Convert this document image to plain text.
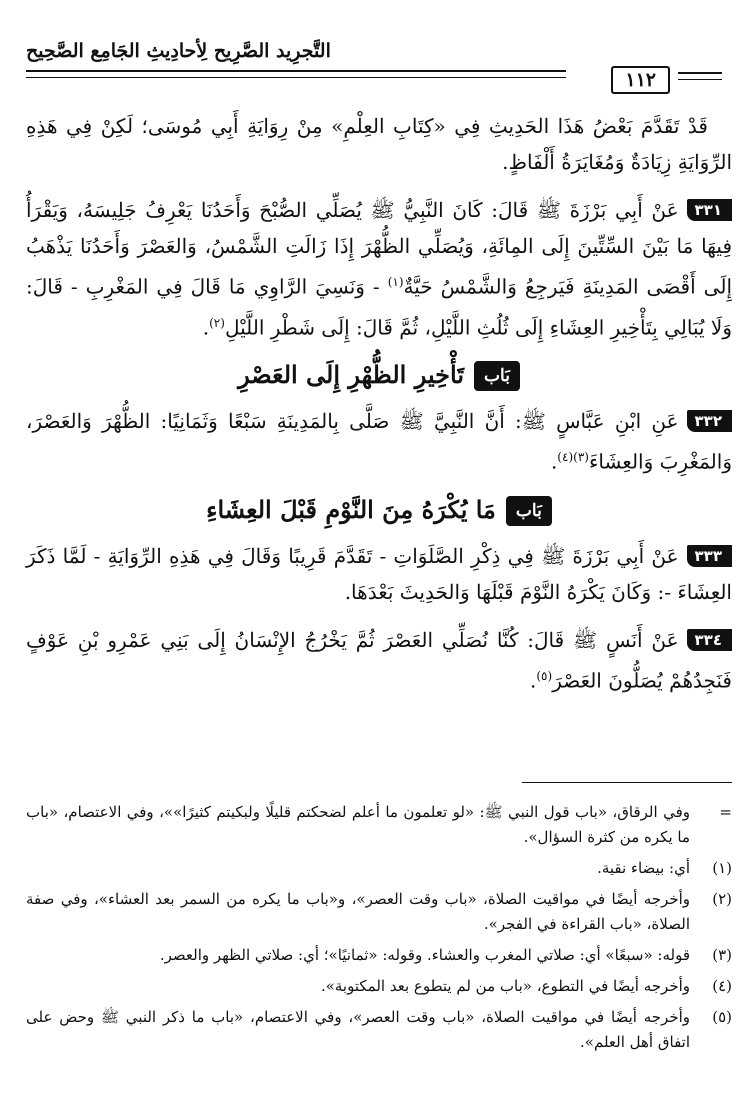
التَّجرِيد الصَّرِيح لِأحادِيثِ الجَامِع الصَّحِيح
١١٢

قَدْ تَقَدَّمَ بَعْضُ هَذَا الحَدِيثِ فِي «كِتَابِ العِلْمِ» مِنْ رِوَايَةِ أَبِي مُوسَى؛ لَكِنْ فِي هَذِهِ الرِّوَايَةِ زِيَادَةٌ وَمُغَايَرَةُ أَلْفَاظٍ.

٣٣١عَنْ أَبِي بَرْزَةَ ﷺ قَالَ: كَانَ النَّبِيُّ ﷺ يُصَلِّي الصُّبْحَ وَأَحَدُنَا يَعْرِفُ جَلِيسَهُ، وَيَقْرَأُ فِيهَا مَا بَيْنَ السِّتِّينَ إِلَى المِائَةِ، وَيُصَلِّي الظُّهْرَ إِذَا زَالَتِ الشَّمْسُ، وَالعَصْرَ وَأَحَدُنَا يَذْهَبُ إِلَى أَقْصَى المَدِينَةِ فَيَرجِعُ وَالشَّمْسُ حَيَّةٌ$^{(١)}$ - وَنَسِيَ الرَّاوِي مَا قَالَ فِي المَغْرِبِ - قَالَ: وَلَا يُبَالِي بِتَأْخِيرِ العِشَاءِ إِلَى ثُلُثِ اللَّيْلِ، ثُمَّ قَالَ: إِلَى شَطْرِ اللَّيْلِ$^{(٢)}$.

بَابتَأْخِيرِ الظُّهْرِ إِلَى العَصْرِ

٣٣٢عَنِ ابْنِ عَبَّاسٍ ﷺ: أَنَّ النَّبِيَّ ﷺ صَلَّى بِالمَدِينَةِ سَبْعًا وَثَمَانِيًا: الظُّهْرَ وَالعَصْرَ، وَالمَغْرِبَ وَالعِشَاءَ$^{(٣)(٤)}$.

بَابمَا يُكْرَهُ مِنَ النَّوْمِ قَبْلَ العِشَاءِ

٣٣٣عَنْ أَبِي بَرْزَةَ ﷺ فِي ذِكْرِ الصَّلَوَاتِ - تَقَدَّمَ قَرِيبًا وَقَالَ فِي هَذِهِ الرِّوَايَةِ - لَمَّا ذَكَرَ العِشَاءَ -: وَكَانَ يَكْرَهُ النَّوْمَ قَبْلَهَا وَالحَدِيثَ بَعْدَهَا.

٣٣٤عَنْ أَنَسٍ ﷺ قَالَ: كُنَّا نُصَلِّي العَصْرَ ثُمَّ يَخْرُجُ الإِنْسَانُ إِلَى بَنِي عَمْرِو بْنِ عَوْفٍ فَنَجِدُهُمْ يُصَلُّونَ العَصْرَ$^{(٥)}$.

=
وفي الرقاق، «باب قول النبي ﷺ: «لو تعلمون ما أعلم لضحكتم قليلًا ولبكيتم كثيرًا»»، وفي الاعتصام، «باب ما يكره من كثرة السؤال».
(١)
أي: بيضاء نقية.
(٢)
وأخرجه أيضًا في مواقيت الصلاة، «باب وقت العصر»، و«باب ما يكره من السمر بعد العشاء»، وفي صفة الصلاة، «باب القراءة في الفجر».
(٣)
قوله: «سبعًا» أي: صلاتي المغرب والعشاء. وقوله: «ثمانيًا»؛ أي: صلاتي الظهر والعصر.
(٤)
وأخرجه أيضًا في التطوع، «باب من لم يتطوع بعد المكتوبة».
(٥)
وأخرجه أيضًا في مواقيت الصلاة، «باب وقت العصر»، وفي الاعتصام، «باب ما ذكر النبي ﷺ وحض على اتفاق أهل العلم».
